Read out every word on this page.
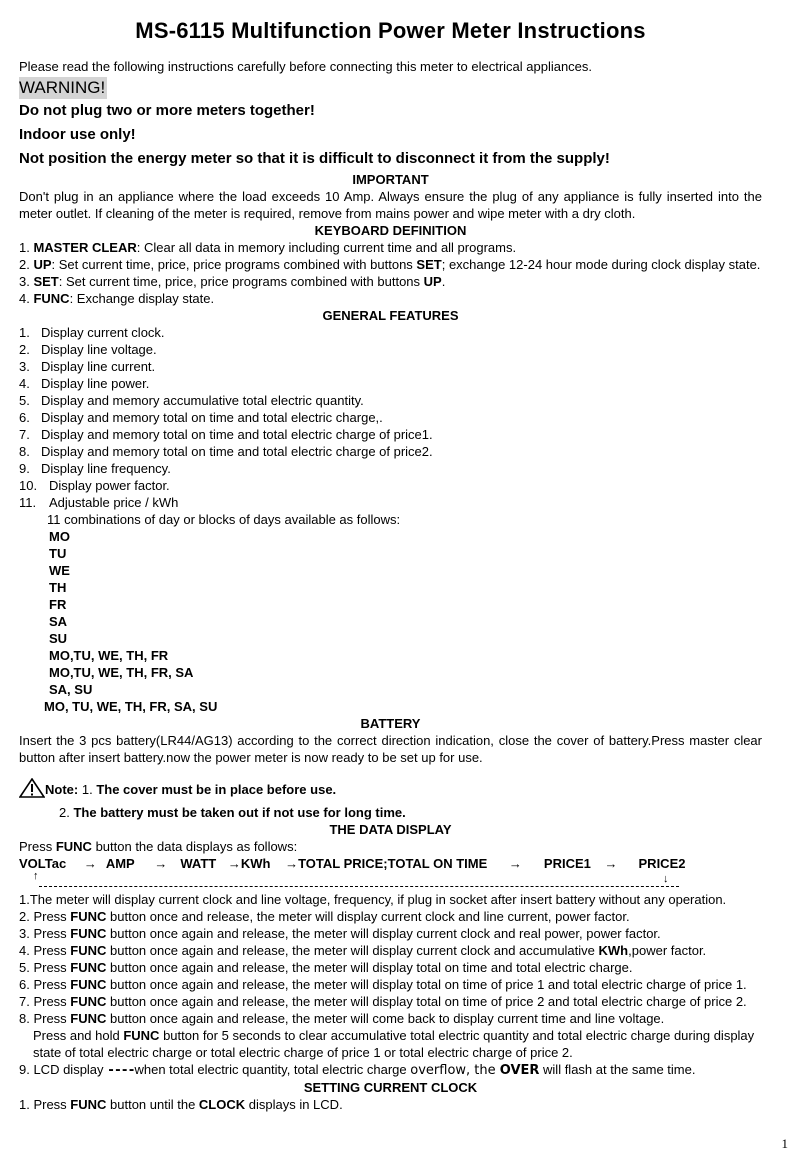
MS-6115 Multifunction Power Meter Instructions

Please read the following instructions carefully before connecting this meter to electrical appliances.

WARNING!
Do not plug two or more meters together!
Indoor use only!
Not position the energy meter so that it is difficult to disconnect it from the supply!

IMPORTANT

Don't plug in an appliance where the load exceeds 10 Amp. Always ensure the plug of any appliance is fully inserted into the meter outlet. If cleaning of the meter is required, remove from mains power and wipe meter with a dry cloth.

KEYBOARD DEFINITION

1. MASTER CLEAR: Clear all data in memory including current time and all programs.

2. UP: Set current time, price, price programs combined with buttons SET; exchange 12-24 hour mode during clock display state.

3. SET: Set current time, price, price programs combined with buttons UP.

4. FUNC: Exchange display state.

GENERAL FEATURES

1. Display current clock.

2. Display line voltage.

3. Display line current.

4. Display line power.

5. Display and memory accumulative total electric quantity.

6. Display and memory total on time and total electric charge,.

7. Display and memory total on time and total electric charge of price1.

8. Display and memory total on time and total electric charge of price2.

9. Display line frequency.

10. Display power factor.

11. Adjustable price / kWh

11 combinations of day or blocks of days available as follows:

MO

TU

WE

TH

FR

SA

SU

MO,TU, WE, TH, FR

MO,TU, WE, TH, FR, SA

SA, SU

MO, TU, WE, TH, FR, SA, SU

BATTERY

Insert the 3 pcs battery(LR44/AG13) according to the correct direction indication, close the cover of battery.Press master clear button after insert battery.now the power meter is now ready to be set up for use.

Note: 1. The cover must be in place before use.

2. The battery must be taken out if not use for long time.

THE DATA DISPLAY

Press FUNC button the data displays as follows:

VOLTac → AMP → WATT →KWh →TOTAL PRICE;TOTAL ON TIME → PRICE1 → PRICE2
↑	↓

1.The meter will display current clock and line voltage, frequency, if plug in socket after insert battery without any operation.

2. Press FUNC button once and release, the meter will display current clock and line current, power factor.

3. Press FUNC button once again and release, the meter will display current clock and real power, power factor.

4. Press FUNC button once again and release, the meter will display current clock and accumulative KWh,power factor.

5. Press FUNC button once again and release, the meter will display total on time and total electric charge.

6. Press FUNC button once again and release, the meter will display total on time of price 1 and total electric charge of price 1.

7. Press FUNC button once again and release, the meter will display total on time of price 2 and total electric charge of price 2.

8. Press FUNC button once again and release, the meter will come back to display current time and line voltage.

Press and hold FUNC button for 5 seconds to clear accumulative total electric quantity and total electric charge during display state of total electric charge or total electric charge of price 1 or total electric charge of price 2.

9. LCD display ----when total electric quantity, total electric charge overflow, the OVER will flash at the same time.

SETTING CURRENT CLOCK

1. Press FUNC button until the CLOCK displays in LCD.

1
